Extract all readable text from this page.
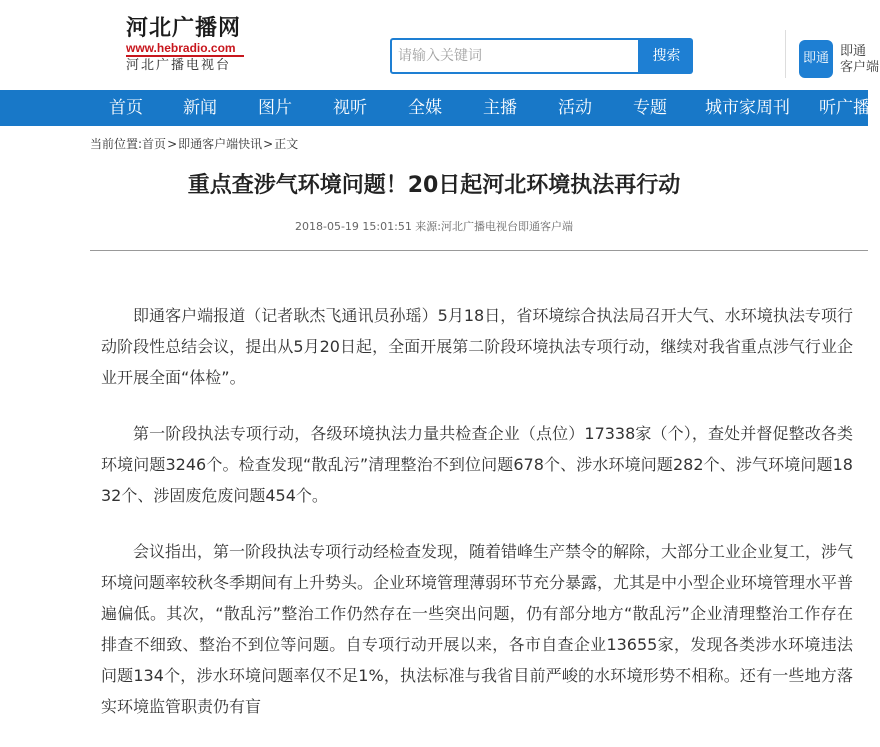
河北广播网
www.hebradio.com
河北广播电视台
请输入关键词
搜索	即通 即通
客户端
首页 新闻 图片 视听 全媒 主播 活动 专题 城市家周刊 听广播
当前位置:首页>即通客户端快讯>正文
重点查涉气环境问题！20日起河北环境执法再行动
2018-05-19 15:01:51 来源:河北广播电视台即通客户端

即通客户端报道（记者耿杰飞通讯员孙瑶）5月18日，省环境综合执法局召开大气、水环境执法专项行动阶段性总结会议，提出从5月20日起，全面开展第二阶段环境执法专项行动，继续对我省重点涉气行业企业开展全面“体检”。

第一阶段执法专项行动，各级环境执法力量共检查企业（点位）17338家（个），查处并督促整改各类环境问题3246个。检查发现“散乱污”清理整治不到位问题678个、涉水环境问题282个、涉气环境问题1832个、涉固废危废问题454个。

会议指出，第一阶段执法专项行动经检查发现，随着错峰生产禁令的解除，大部分工业企业复工，涉气环境问题率较秋冬季期间有上升势头。企业环境管理薄弱环节充分暴露，尤其是中小型企业环境管理水平普遍偏低。其次，“散乱污”整治工作仍然存在一些突出问题，仍有部分地方“散乱污”企业清理整治工作存在排查不细致、整治不到位等问题。自专项行动开展以来，各市自查企业13655家，发现各类涉水环境违法问题134个，涉水环境问题率仅不足1%，执法标准与我省目前严峻的水环境形势不相称。还有一些地方落实环境监管职责仍有盲
